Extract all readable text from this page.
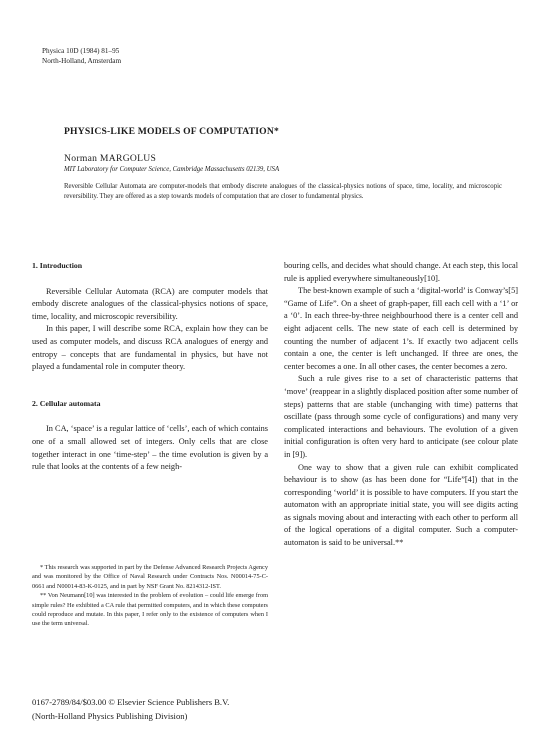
Physica 10D (1984) 81–95
North-Holland, Amsterdam
PHYSICS-LIKE MODELS OF COMPUTATION*
Norman MARGOLUS
MIT Laboratory for Computer Science, Cambridge Massachusetts 02139, USA
Reversible Cellular Automata are computer-models that embody discrete analogues of the classical-physics notions of space, time, locality, and microscopic reversibility. They are offered as a step towards models of computation that are closer to fundamental physics.

1. Introduction

Reversible Cellular Automata (RCA) are computer models that embody discrete analogues of the classical-physics notions of space, time, locality, and microscopic reversibility.

In this paper, I will describe some RCA, explain how they can be used as computer models, and discuss RCA analogues of energy and entropy – concepts that are fundamental in physics, but have not played a fundamental role in computer theory.

2. Cellular automata

In CA, ‘space’ is a regular lattice of ‘cells’, each of which contains one of a small allowed set of integers. Only cells that are close together interact in one ‘time-step’ – the time evolution is given by a rule that looks at the contents of a few neigh-

* This research was supported in part by the Defense Advanced Research Projects Agency and was monitored by the Office of Naval Research under Contracts Nos. N00014-75-C-0661 and N00014-83-K-0125, and in part by NSF Grant No. 8214312-IST.

** Von Neumann[10] was interested in the problem of evolution – could life emerge from simple rules? He exhibited a CA rule that permitted computers, and in which these computers could reproduce and mutate. In this paper, I refer only to the existence of computers when I use the term universal.

bouring cells, and decides what should change. At each step, this local rule is applied everywhere simultaneously[10].

The best-known example of such a ‘digital-world’ is Conway’s[5] “Game of Life”. On a sheet of graph-paper, fill each cell with a ‘1’ or a ‘0’. In each three-by-three neighbourhood there is a center cell and eight adjacent cells. The new state of each cell is determined by counting the number of adjacent 1’s. If exactly two adjacent cells contain a one, the center is left unchanged. If three are ones, the center becomes a one. In all other cases, the center becomes a zero.

Such a rule gives rise to a set of characteristic patterns that ‘move’ (reappear in a slightly displaced position after some number of steps) patterns that are stable (unchanging with time) patterns that oscillate (pass through some cycle of configurations) and many very complicated interactions and behaviours. The evolution of a given initial configuration is often very hard to anticipate (see colour plate in [9]).

One way to show that a given rule can exhibit complicated behaviour is to show (as has been done for “Life”[4]) that in the corresponding ‘world’ it is possible to have computers. If you start the automaton with an appropriate initial state, you will see digits acting as signals moving about and interacting with each other to perform all of the logical operations of a digital computer. Such a computer-automaton is said to be universal.**

0167-2789/84/$03.00 © Elsevier Science Publishers B.V.
(North-Holland Physics Publishing Division)
